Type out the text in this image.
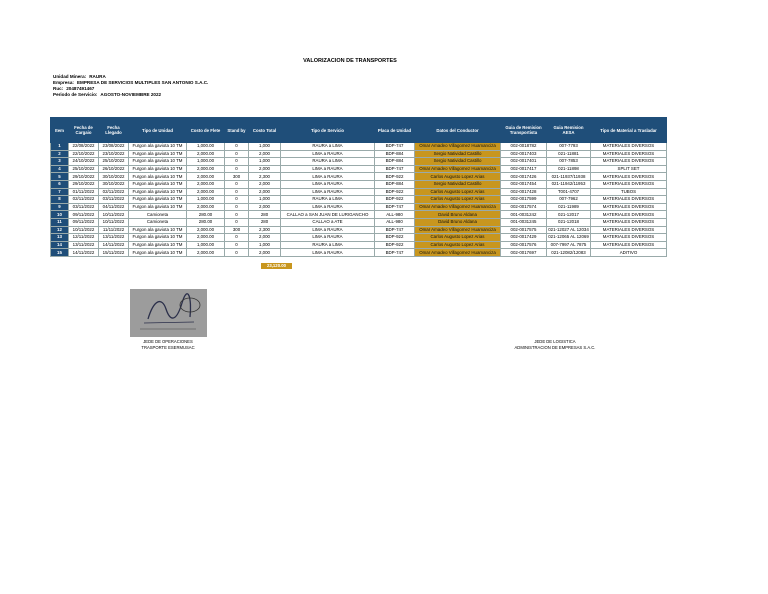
VALORIZACION DE TRANSPORTES
Unidad Minera: RAURA
Empresa: EMPRESA DE SERVICIOS MULTIPLES SAN ANTONIO S.A.C.
Ruc: 20487491467
Periodo de Servicio: AGOSTO-NOVIEMBRE 2022
Item	Fecha de Cargaio	Fecha Llegado	Tipo de Unidad	Costo de Flete	Stand by	Costo Total	Tipo de Servicio	Placa de Unidad	Datos del Conductor	Guia de Remision Transportista	Guia Remision AESA	Tipo de Material a Trasladar
1	22/08/2022	23/08/2022	Furgon ala gaviota 10 TM	1,000.00	0	1,000	RAURA a LIMA	BDP-747	Omar Amadeo Villagomez Huamanciza	002-0018782	007-7793	MATERIALES DIVERSOS
2	22/10/2022	23/10/2022	Furgon ala gaviota 10 TM	2,000.00	0	2,000	LIMA a RAURA	BDP-884	Sergio Natividad Castillo	002-0017403	021-11881	MATERIALES DIVERSOS
3	24/10/2022	25/10/2022	Furgon ala gaviota 10 TM	1,000.00	0	1,000	RAURA a LIMA	BDP-884	Sergio Natividad Castillo	002-0017401	007-7853	MATERIALES DIVERSOS
4	25/10/2022	26/10/2022	Furgon ala gaviota 10 TM	2,000.00	0	2,000	LIMA a RAURA	BDP-747	Omar Amadeo Villagomez Huamanciza	002-0017417	021-11898	SPLIT SET
5	29/10/2022	30/10/2022	Furgon ala gaviota 10 TM	2,000.00	300	2,300	LIMA a RAURA	BDP-922	Carlos Augusto Lopez Arias	002-0017426	021-11937/11938	MATERIALES DIVERSOS
6	29/10/2022	30/10/2022	Furgon ala gaviota 10 TM	2,000.00	0	2,000	LIMA a RAURA	BDP-884	Sergio Natividad Castillo	002-0017454	021-11942/11953	MATERIALES DIVERSOS
7	01/11/2022	02/11/2022	Furgon ala gaviota 10 TM	2,000.00	0	2,000	LIMA a RAURA	BDP-922	Carlos Augusto Lopez Arias	002-0017428	T001-4707	TUBOS
8	02/11/2022	03/11/2022	Furgon ala gaviota 10 TM	1,000.00	0	1,000	RAURA a LIMA	BDP-922	Carlos Augusto Lopez Arias	002-0017599	007-7962	MATERIALES DIVERSOS
9	03/11/2022	04/11/2022	Furgon ala gaviota 10 TM	2,000.00	0	2,000	LIMA a RAURA	BDP-747	Omar Amadeo Villagomez Huamanciza	002-0017574	021-11989	MATERIALES DIVERSOS
10	09/11/2022	10/11/2022	Camioneta	280.00	0	280	CALLAO a SAN JUAN DE LURIGANCHO	ALL-980	David Bruno Aldana	001-0031242	021-12017	MATERIALES DIVERSOS
11	09/11/2022	10/11/2022	Camioneta	280.00	0	280	CALLAO a ATE	ALL-980	David Bruno Aldana	001-0031245	021-12018	MATERIALES DIVERSOS
12	10/11/2022	11/11/2022	Furgon ala gaviota 10 TM	2,000.00	300	2,300	LIMA a RAURA	BDP-747	Omar Amadeo Villagomez Huamanciza	002-0017575	021-12027 AL 12034	MATERIALES DIVERSOS
13	12/11/2022	13/11/2022	Furgon ala gaviota 10 TM	2,000.00	0	2,000	LIMA a RAURA	BDP-922	Carlos Augusto Lopez Arias	002-0017429	021-12065 AL 12069	MATERIALES DIVERSOS
14	13/11/2022	14/11/2022	Furgon ala gaviota 10 TM	1,000.00	0	1,000	RAURA a LIMA	BDP-922	Carlos Augusto Lopez Arias	002-0017576	007-7997 AL 7875	MATERIALES DIVERSOS
15	14/11/2022	15/11/2022	Furgon ala gaviota 10 TM	2,000.00	0	2,000	LIMA a RAURA	BDP-747	Omar Amadeo Villagomez Huamanciza	002-0017697	021-12082/12083	ADITIVO
23,120.00
JEDE DE OPERACIONES
TRASPORTE ESERMUSAC
JEDE DE LOGISTICA
ADMINISTRACION DE EMPRESAS S.A.C.
